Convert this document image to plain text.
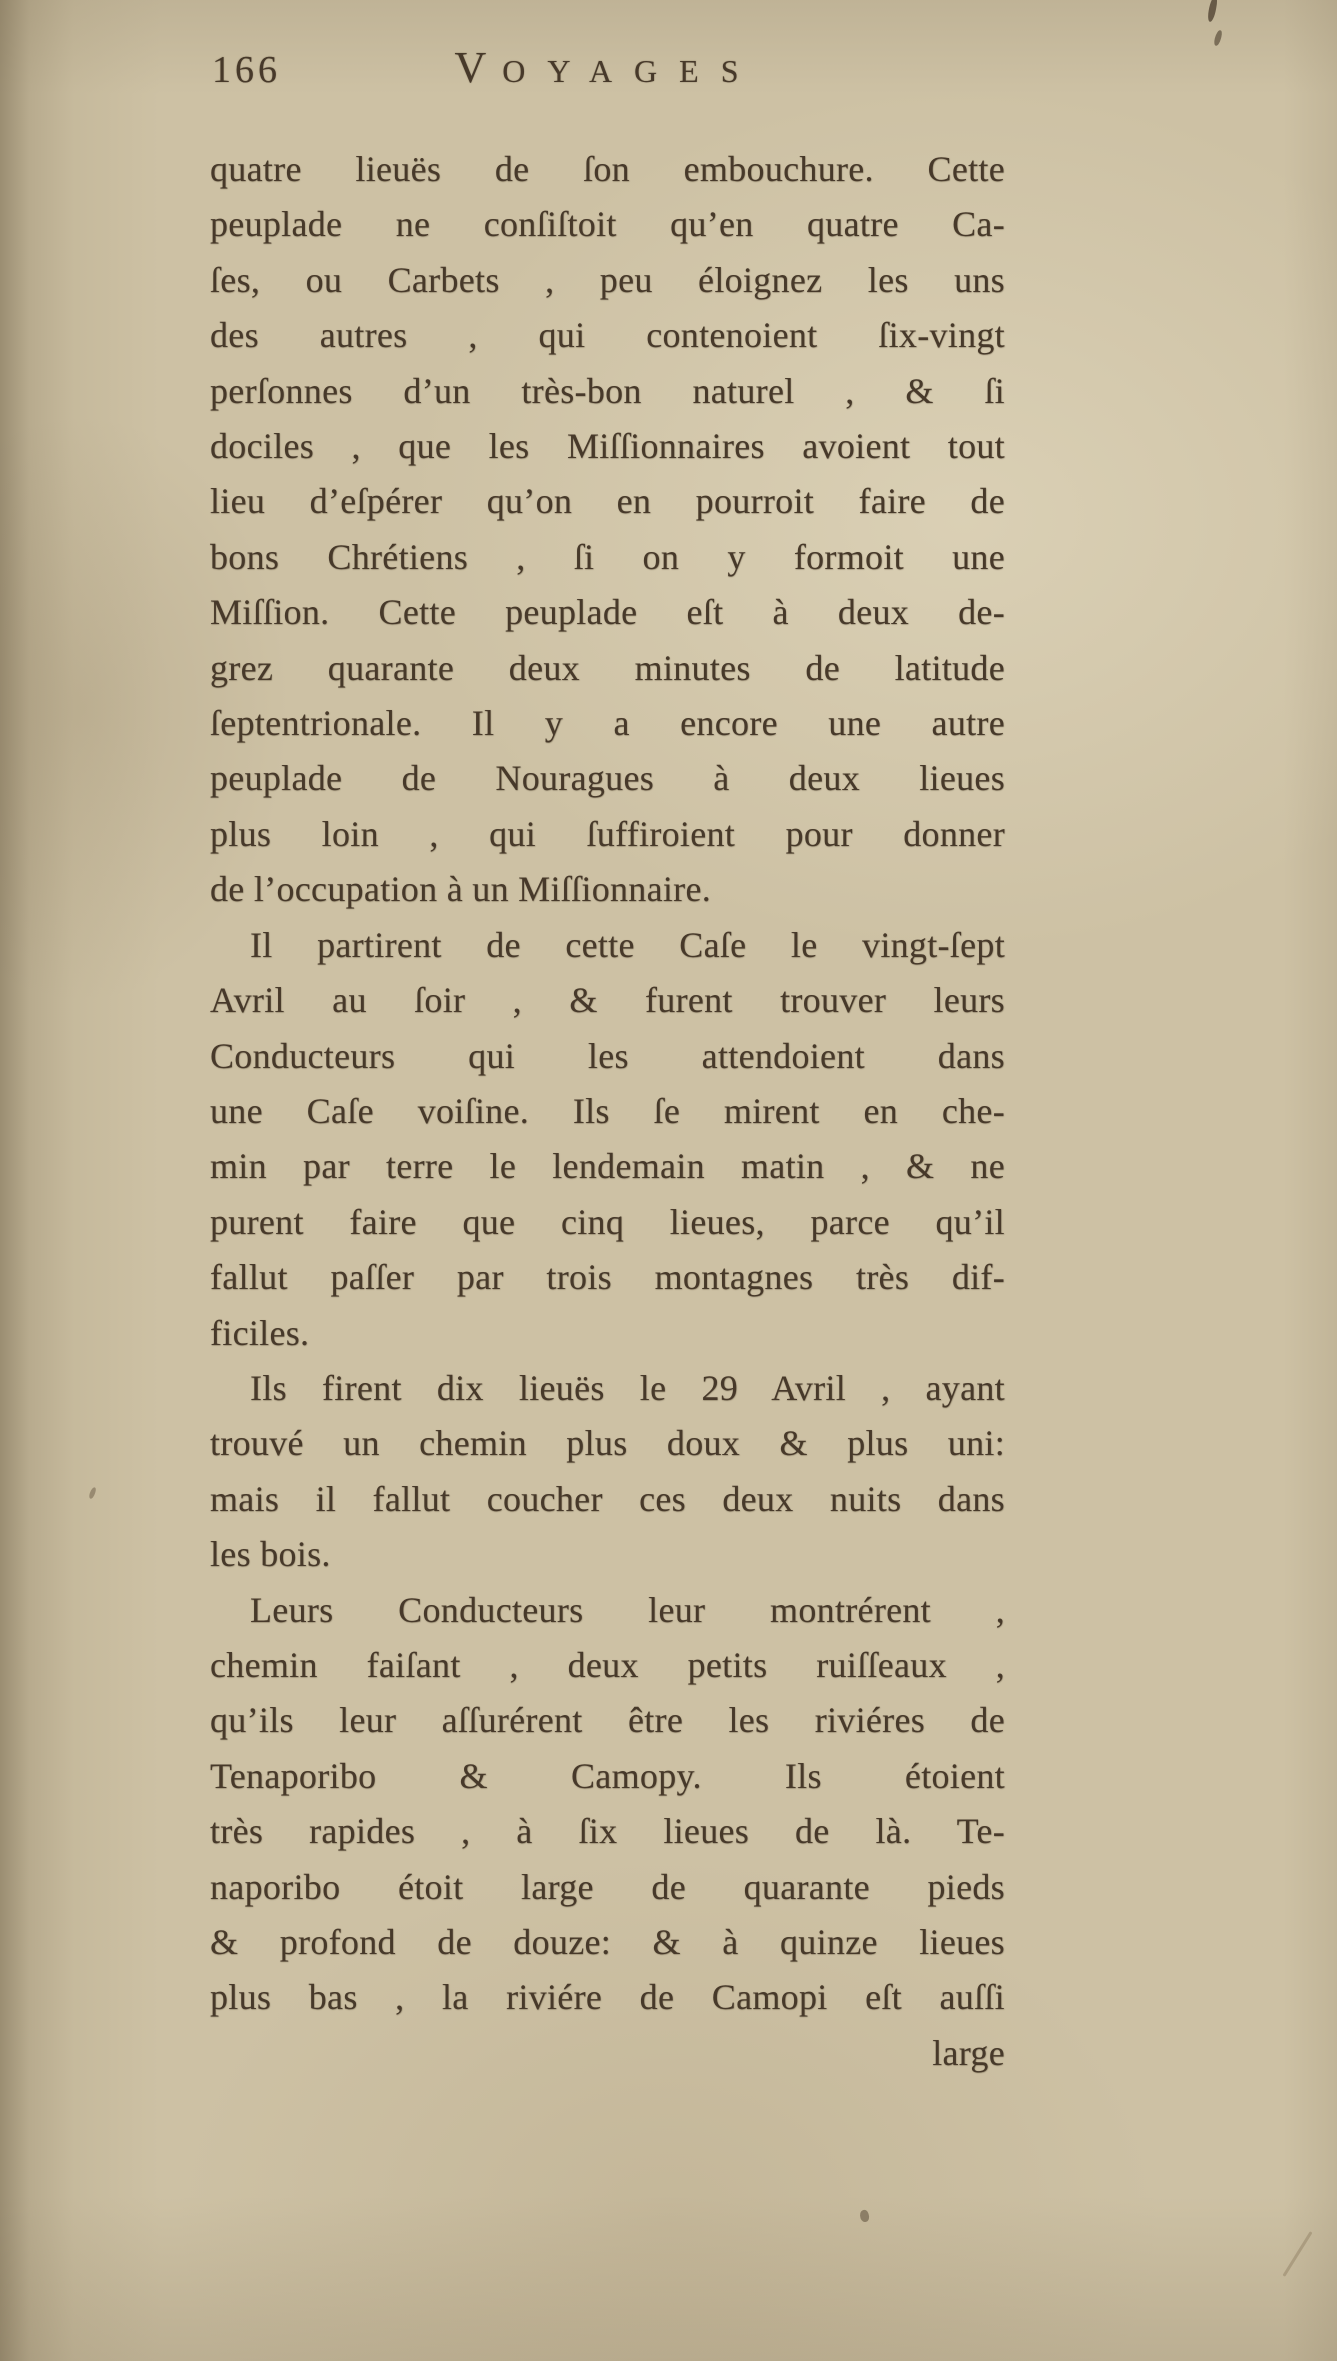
166	V OYAGES
quatre lieuës de ſon embouchure. Cette
peuplade ne conſiſtoit qu’en quatre Ca-
ſes, ou Carbets , peu éloignez les uns
des autres , qui contenoient ſix-vingt
perſonnes d’un très-bon naturel , & ſi
dociles , que les Miſſionnaires avoient tout
lieu d’eſpérer qu’on en pourroit faire de
bons Chrétiens , ſi on y formoit une
Miſſion. Cette peuplade eſt à deux de-
grez quarante deux minutes de latitude
ſeptentrionale. Il y a encore une autre
peuplade de Nouragues à deux lieues
plus loin , qui ſuffiroient pour donner
de l’occupation à un Miſſionnaire.
Il partirent de cette Caſe le vingt-ſept
Avril au ſoir , & furent trouver leurs
Conducteurs qui les attendoient dans
une Caſe voiſine. Ils ſe mirent en che-
min par terre le lendemain matin , & ne
purent faire que cinq lieues, parce qu’il
fallut paſſer par trois montagnes très dif-
ficiles.
Ils firent dix lieuës le 29 Avril , ayant
trouvé un chemin plus doux & plus uni:
mais il fallut coucher ces deux nuits dans
les bois.
Leurs Conducteurs leur montrérent ,
chemin faiſant , deux petits ruiſſeaux ,
qu’ils leur aſſurérent être les riviéres de
Tenaporibo & Camopy. Ils étoient
très rapides , à ſix lieues de là. Te-
naporibo étoit large de quarante pieds
& profond de douze: & à quinze lieues
plus bas , la riviére de Camopi eſt auſſi
large
